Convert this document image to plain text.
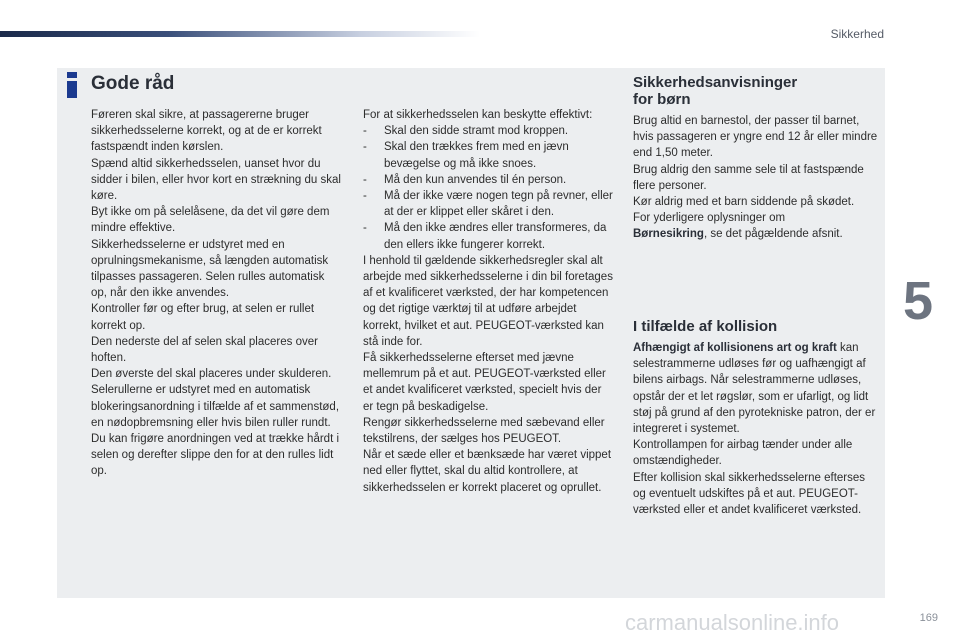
Sikkerhed
5
Gode råd

Føreren skal sikre, at passagererne bruger sikkerhedsselerne korrekt, og at de er korrekt fastspændt inden kørslen.

Spænd altid sikkerhedsselen, uanset hvor du sidder i bilen, eller hvor kort en strækning du skal køre.

Byt ikke om på selelåsene, da det vil gøre dem mindre effektive.

Sikkerhedsselerne er udstyret med en oprulningsmekanisme, så længden automatisk tilpasses passageren. Selen rulles automatisk op, når den ikke anvendes.

Kontroller før og efter brug, at selen er rullet korrekt op.

Den nederste del af selen skal placeres over hoften.

Den øverste del skal placeres under skulderen.

Selerullerne er udstyret med en automatisk blokeringsanordning i tilfælde af et sammenstød, en nødopbremsning eller hvis bilen ruller rundt. Du kan frigøre anordningen ved at trække hårdt i selen og derefter slippe den for at den rulles lidt op.

For at sikkerhedsselen kan beskytte effektivt:

-	Skal den sidde stramt mod kroppen.
-	Skal den trækkes frem med en jævn bevægelse og må ikke snoes.
-	Må den kun anvendes til én person.
-	Må der ikke være nogen tegn på revner, eller at der er klippet eller skåret i den.
-	Må den ikke ændres eller transformeres, da den ellers ikke fungerer korrekt.

I henhold til gældende sikkerhedsregler skal alt arbejde med sikkerhedsselerne i din bil foretages af et kvalificeret værksted, der har kompetencen og det rigtige værktøj til at udføre arbejdet korrekt, hvilket et aut. PEUGEOT-værksted kan stå inde for.

Få sikkerhedsselerne efterset med jævne mellemrum på et aut. PEUGEOT-værksted eller et andet kvalificeret værksted, specielt hvis der er tegn på beskadigelse.

Rengør sikkerhedsselerne med sæbevand eller tekstilrens, der sælges hos PEUGEOT.

Når et sæde eller et bænksæde har været vippet ned eller flyttet, skal du altid kontrollere, at sikkerhedsselen er korrekt placeret og oprullet.

Sikkerhedsanvisninger
for børn

Brug altid en barnestol, der passer til barnet, hvis passageren er yngre end 12 år eller mindre end 1,50 meter.

Brug aldrig den samme sele til at fastspænde flere personer.

Kør aldrig med et barn siddende på skødet.

For yderligere oplysninger om
Børnesikring, se det pågældende afsnit.

I tilfælde af kollision

Afhængigt af kollisionens art og kraft kan selestrammerne udløses før og uafhængigt af bilens airbags. Når selestrammerne udløses, opstår der et let røgslør, som er ufarligt, og lidt støj på grund af den pyrotekniske patron, der er integreret i systemet.

Kontrollampen for airbag tænder under alle omstændigheder.

Efter kollision skal sikkerhedsselerne efterses og eventuelt udskiftes på et aut. PEUGEOT-værksted eller et andet kvalificeret værksted.

carmanualsonline.info	169
